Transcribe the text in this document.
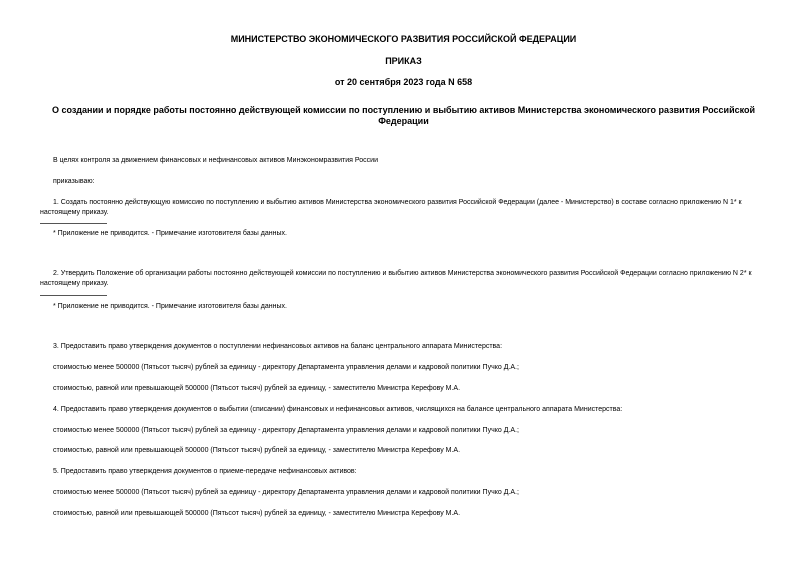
МИНИСТЕРСТВО ЭКОНОМИЧЕСКОГО РАЗВИТИЯ РОССИЙСКОЙ ФЕДЕРАЦИИ
ПРИКАЗ
от 20 сентября 2023 года N 658
О создании и порядке работы постоянно действующей комиссии по поступлению и выбытию активов Министерства экономического развития Российской Федерации
В целях контроля за движением финансовых и нефинансовых активов Минэкономразвития России
приказываю:
1. Создать постоянно действующую комиссию по поступлению и выбытию активов Министерства экономического развития Российской Федерации (далее - Министерство) в составе согласно приложению N 1* к настоящему приказу.
* Приложение не приводится. - Примечание изготовителя базы данных.
2. Утвердить Положение об организации работы постоянно действующей комиссии по поступлению и выбытию активов Министерства экономического развития Российской Федерации согласно приложению N 2* к настоящему приказу.
* Приложение не приводится. - Примечание изготовителя базы данных.
3. Предоставить право утверждения документов о поступлении нефинансовых активов на баланс центрального аппарата Министерства:
стоимостью менее 500000 (Пятьсот тысяч) рублей за единицу - директору Департамента управления делами и кадровой политики Пучко Д.А.;
стоимостью, равной или превышающей 500000 (Пятьсот тысяч) рублей за единицу, - заместителю Министра Керефову М.А.
4. Предоставить право утверждения документов о выбытии (списании) финансовых и нефинансовых активов, числящихся на балансе центрального аппарата Министерства:
стоимостью менее 500000 (Пятьсот тысяч) рублей за единицу - директору Департамента управления делами и кадровой политики Пучко Д.А.;
стоимостью, равной или превышающей 500000 (Пятьсот тысяч) рублей за единицу, - заместителю Министра Керефову М.А.
5. Предоставить право утверждения документов о приеме-передаче нефинансовых активов:
стоимостью менее 500000 (Пятьсот тысяч) рублей за единицу - директору Департамента управления делами и кадровой политики Пучко Д.А.;
стоимостью, равной или превышающей 500000 (Пятьсот тысяч) рублей за единицу, - заместителю Министра Керефову М.А.
